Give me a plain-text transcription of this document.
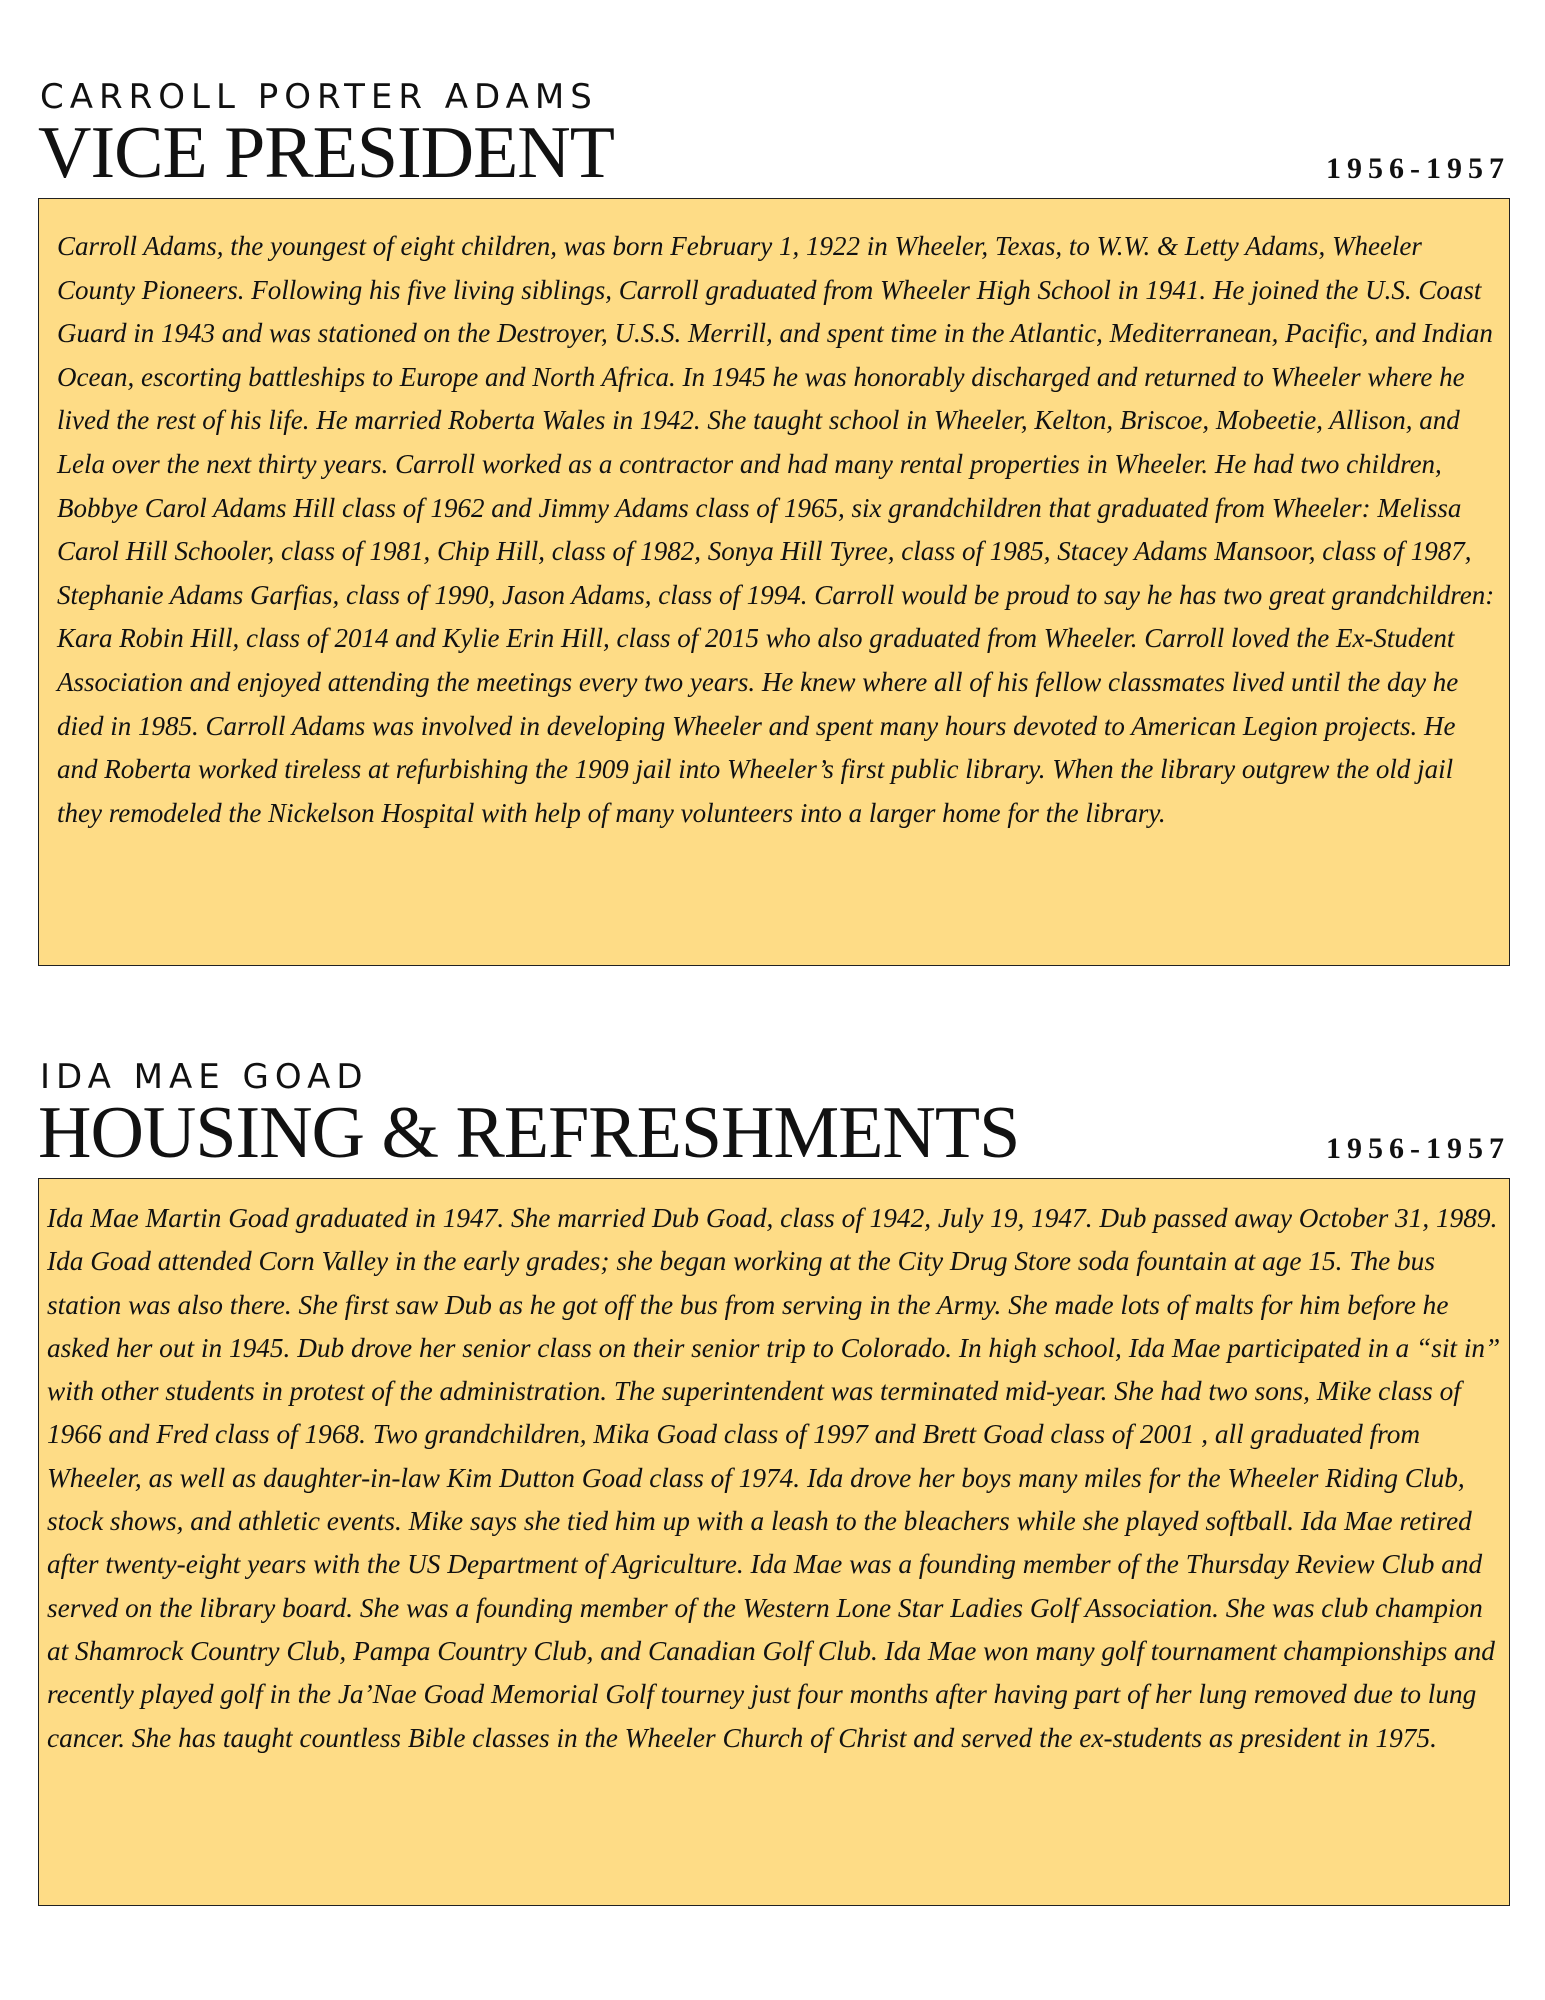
CARROLL PORTER ADAMS
VICE PRESIDENT	1956-1957
Carroll Adams, the youngest of eight children, was born February 1, 1922 in Wheeler, Texas, to W.W. & Letty Adams, Wheeler County Pioneers. Following his five living siblings, Carroll graduated from Wheeler High School in 1941. He joined the U.S. Coast Guard in 1943 and was stationed on the Destroyer, U.S.S. Merrill, and spent time in the Atlantic, Mediterranean, Pacific, and Indian Ocean, escorting battleships to Europe and North Africa. In 1945 he was honorably discharged and returned to Wheeler where he lived the rest of his life. He married Roberta Wales in 1942. She taught school in Wheeler, Kelton, Briscoe, Mobeetie, Allison, and Lela over the next thirty years. Carroll worked as a contractor and had many rental properties in Wheeler. He had two children, Bobbye Carol Adams Hill class of 1962 and Jimmy Adams class of 1965, six grandchildren that graduated from Wheeler: Melissa Carol Hill Schooler, class of 1981, Chip Hill, class of 1982, Sonya Hill Tyree, class of 1985, Stacey Adams Mansoor, class of 1987, Stephanie Adams Garfias, class of 1990, Jason Adams, class of 1994. Carroll would be proud to say he has two great grandchildren: Kara Robin Hill, class of 2014 and Kylie Erin Hill, class of 2015 who also graduated from Wheeler. Carroll loved the Ex-Student Association and enjoyed attending the meetings every two years. He knew where all of his fellow classmates lived until the day he died in 1985. Carroll Adams was involved in developing Wheeler and spent many hours devoted to American Legion projects. He and Roberta worked tireless at refurbishing the 1909 jail into Wheeler’s first public library. When the library outgrew the old jail they remodeled the Nickelson Hospital with help of many volunteers into a larger home for the library.
IDA MAE GOAD
HOUSING & REFRESHMENTS	1956-1957
Ida Mae Martin Goad graduated in 1947. She married Dub Goad, class of 1942, July 19, 1947. Dub passed away October 31, 1989. Ida Goad attended Corn Valley in the early grades; she began working at the City Drug Store soda fountain at age 15. The bus station was also there. She first saw Dub as he got off the bus from serving in the Army. She made lots of malts for him before he asked her out in 1945. Dub drove her senior class on their senior trip to Colorado. In high school, Ida Mae participated in a “sit in” with other students in protest of the administration. The superintendent was terminated mid-year. She had two sons, Mike class of 1966 and Fred class of 1968. Two grandchildren, Mika Goad class of 1997 and Brett Goad class of 2001 , all graduated from Wheeler, as well as daughter-in-law Kim Dutton Goad class of 1974. Ida drove her boys many miles for the Wheeler Riding Club, stock shows, and athletic events. Mike says she tied him up with a leash to the bleachers while she played softball. Ida Mae retired after twenty-eight years with the US Department of Agriculture. Ida Mae was a founding member of the Thursday Review Club and served on the library board. She was a founding member of the Western Lone Star Ladies Golf Association. She was club champion at Shamrock Country Club, Pampa Country Club, and Canadian Golf Club. Ida Mae won many golf tournament championships and recently played golf in the Ja’Nae Goad Memorial Golf tourney just four months after having part of her lung removed due to lung cancer. She has taught countless Bible classes in the Wheeler Church of Christ and served the ex-students as president in 1975.
